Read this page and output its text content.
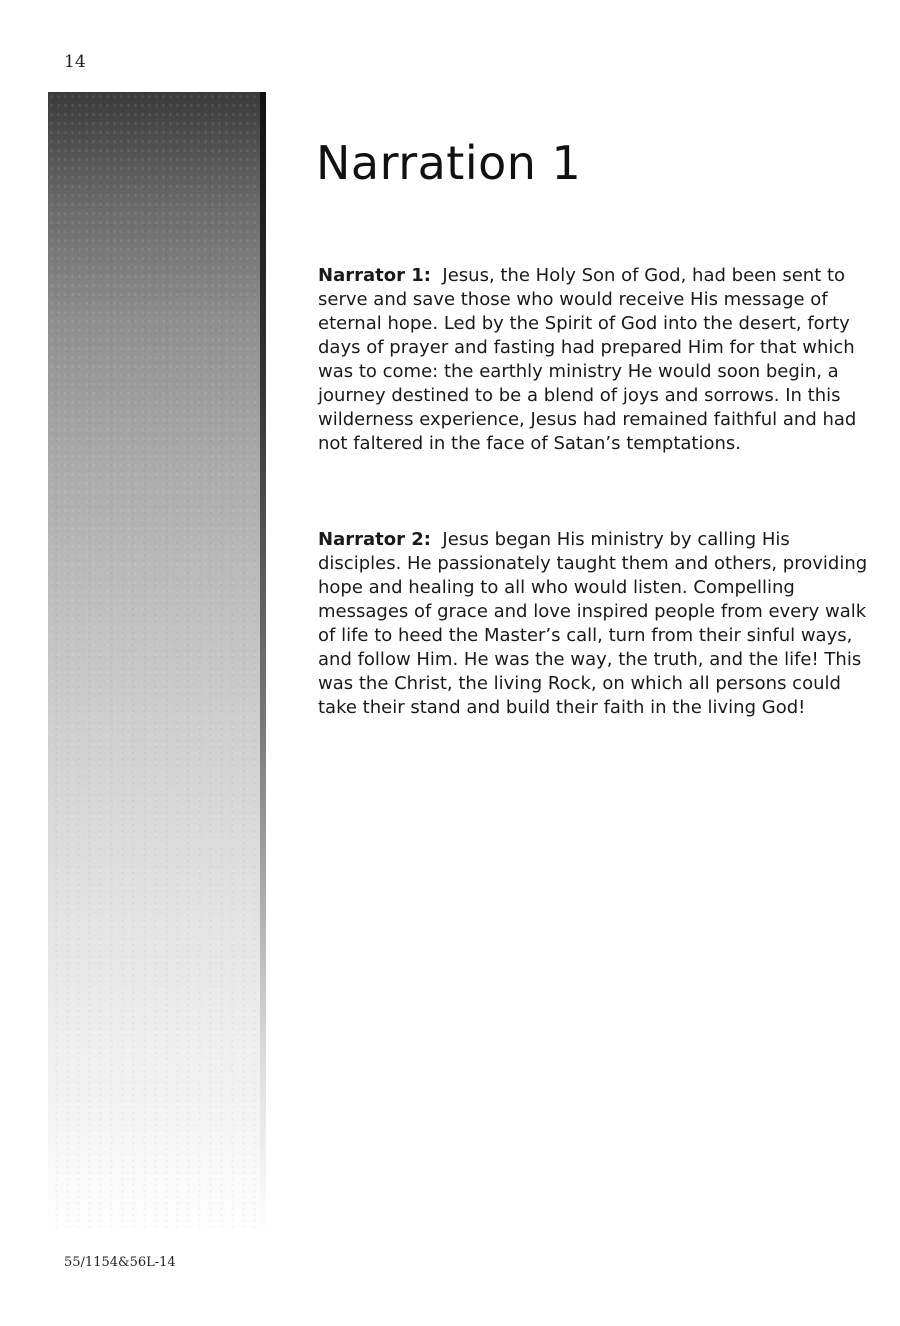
14
Narration 1

Narrator 1: Jesus, the Holy Son of God, had been sent to serve and save those who would receive His message of eternal hope. Led by the Spirit of God into the desert, forty days of prayer and fasting had prepared Him for that which was to come: the earthly ministry He would soon begin, a journey destined to be a blend of joys and sorrows. In this wilderness experience, Jesus had remained faithful and had not faltered in the face of Satan’s temptations.

Narrator 2: Jesus began His ministry by calling His disciples. He passionately taught them and others, providing hope and healing to all who would listen. Compelling messages of grace and love inspired people from every walk of life to heed the Master’s call, turn from their sinful ways, and follow Him. He was the way, the truth, and the life! This was the Christ, the living Rock, on which all persons could take their stand and build their faith in the living God!

55/1154&56L-14
